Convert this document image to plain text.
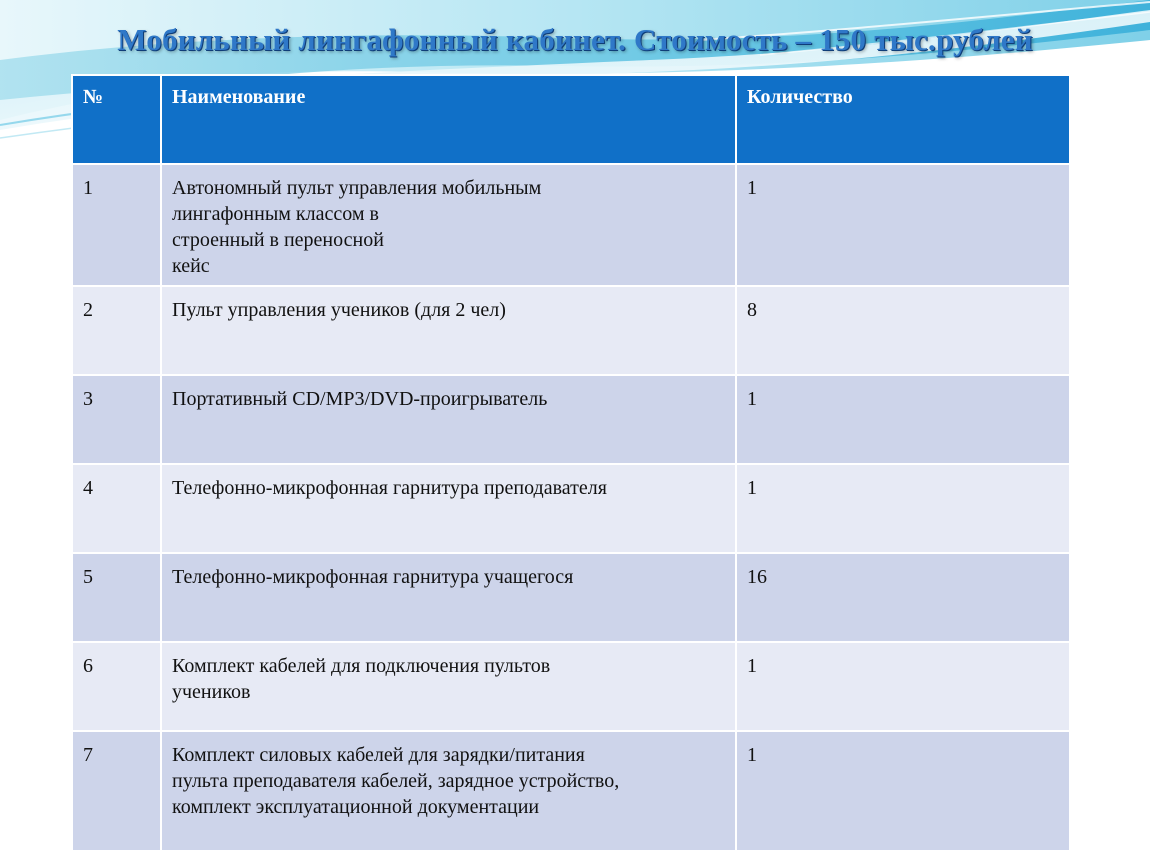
Мобильный лингафонный кабинет. Стоимость – 150 тыс.рублей
№	Наименование	Количество
1	Автономный пульт управления мобильным
лингафонным классом в
строенный в переносной
кейс	1
2	Пульт управления учеников (для 2 чел)	8
3	Портативный CD/MP3/DVD-проигрыватель	1
4	Телефонно-микрофонная гарнитура преподавателя	1
5	Телефонно-микрофонная гарнитура учащегося	16
6	Комплект кабелей для подключения пультов
учеников	1
7	Комплект силовых кабелей для зарядки/питания
пульта преподавателя кабелей, зарядное устройство,
комплект эксплуатационной документации	1
